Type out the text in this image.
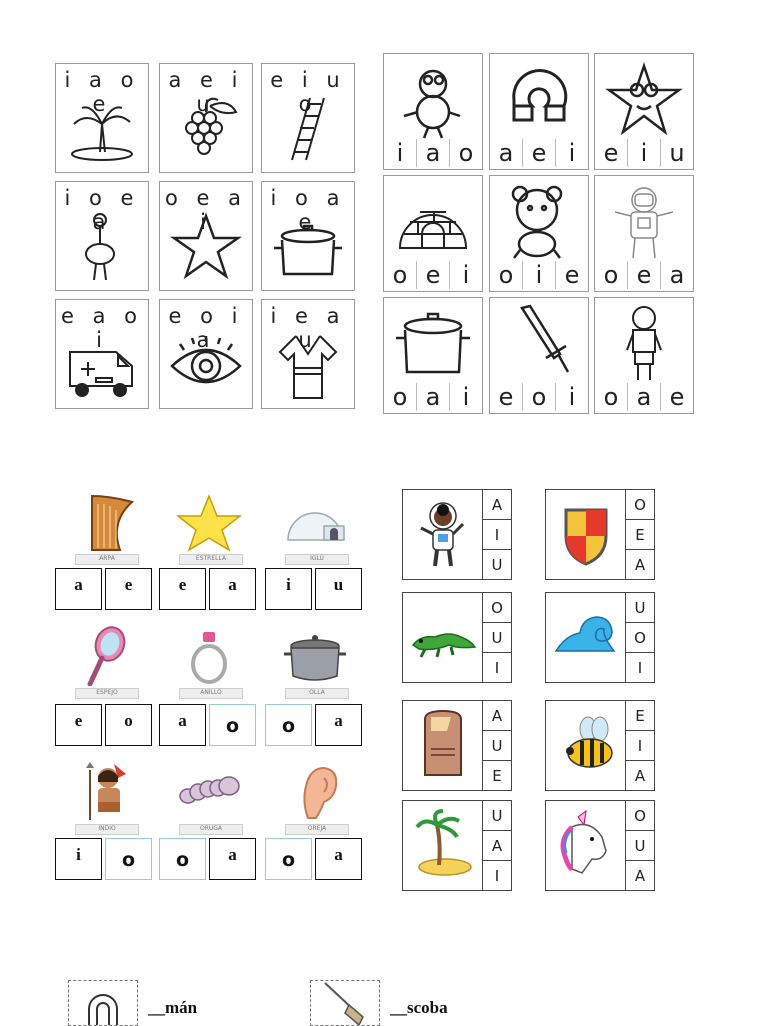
i a o e
a e i u
e i u o
i o e a
o e a i
i o a e
e a o i
e o i a
i e a u
i a o	a e i	e i u
o e i	o i e	o e a
o a i	e o i	o a e
ARPA
a	e
ESTRELLA
e	a
IGLÚ
i	u
ESPEJO
e	o
ANILLO
a	o
OLLA
o	a
INDIO
i	o
ORUGA
o	a
OREJA
o	a
A
I
U
O
E
A
O
U
I
U
O
I
A
U
E
E
I
A
U
A
I
O
U
A
__mán	__scoba
